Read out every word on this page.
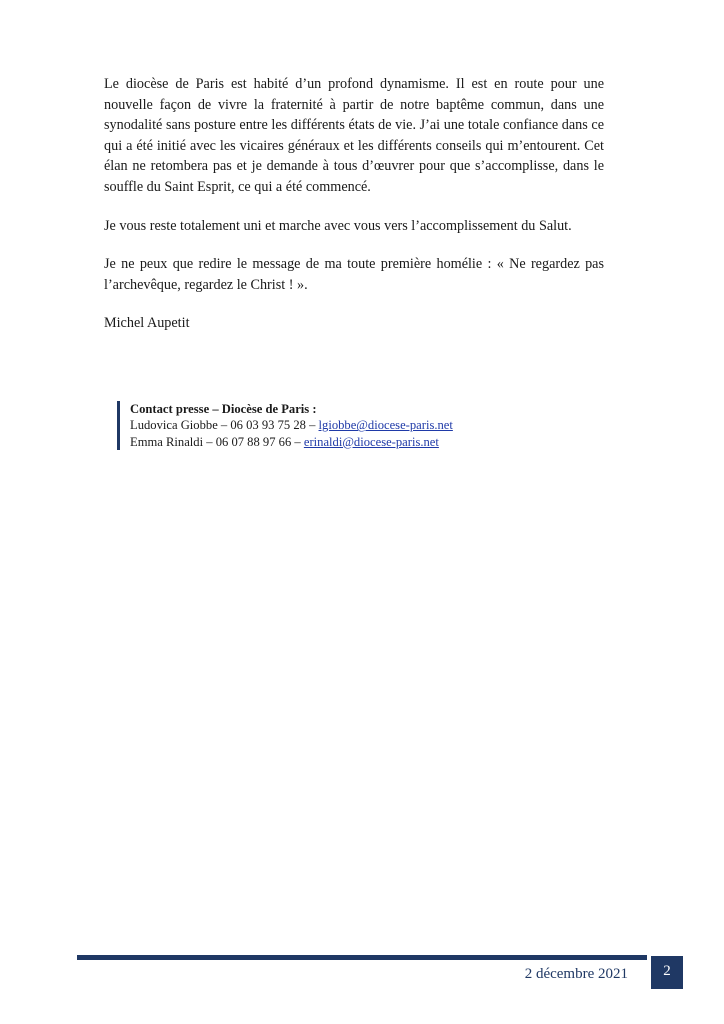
Le diocèse de Paris est habité d’un profond dynamisme. Il est en route pour une nouvelle façon de vivre la fraternité à partir de notre baptême commun, dans une synodalité sans posture entre les différents états de vie. J’ai une totale confiance dans ce qui a été initié avec les vicaires généraux et les différents conseils qui m’entourent. Cet élan ne retombera pas et je demande à tous d’œuvrer pour que s’accomplisse, dans le souffle du Saint Esprit, ce qui a été commencé.

Je vous reste totalement uni et marche avec vous vers l’accomplissement du Salut.

Je ne peux que redire le message de ma toute première homélie : « Ne regardez pas l’archevêque, regardez le Christ ! ».

Michel Aupetit

Contact presse – Diocèse de Paris :
Ludovica Giobbe – 06 03 93 75 28 – lgiobbe@diocese-paris.net
Emma Rinaldi – 06 07 88 97 66 – erinaldi@diocese-paris.net
2 décembre 2021	2
